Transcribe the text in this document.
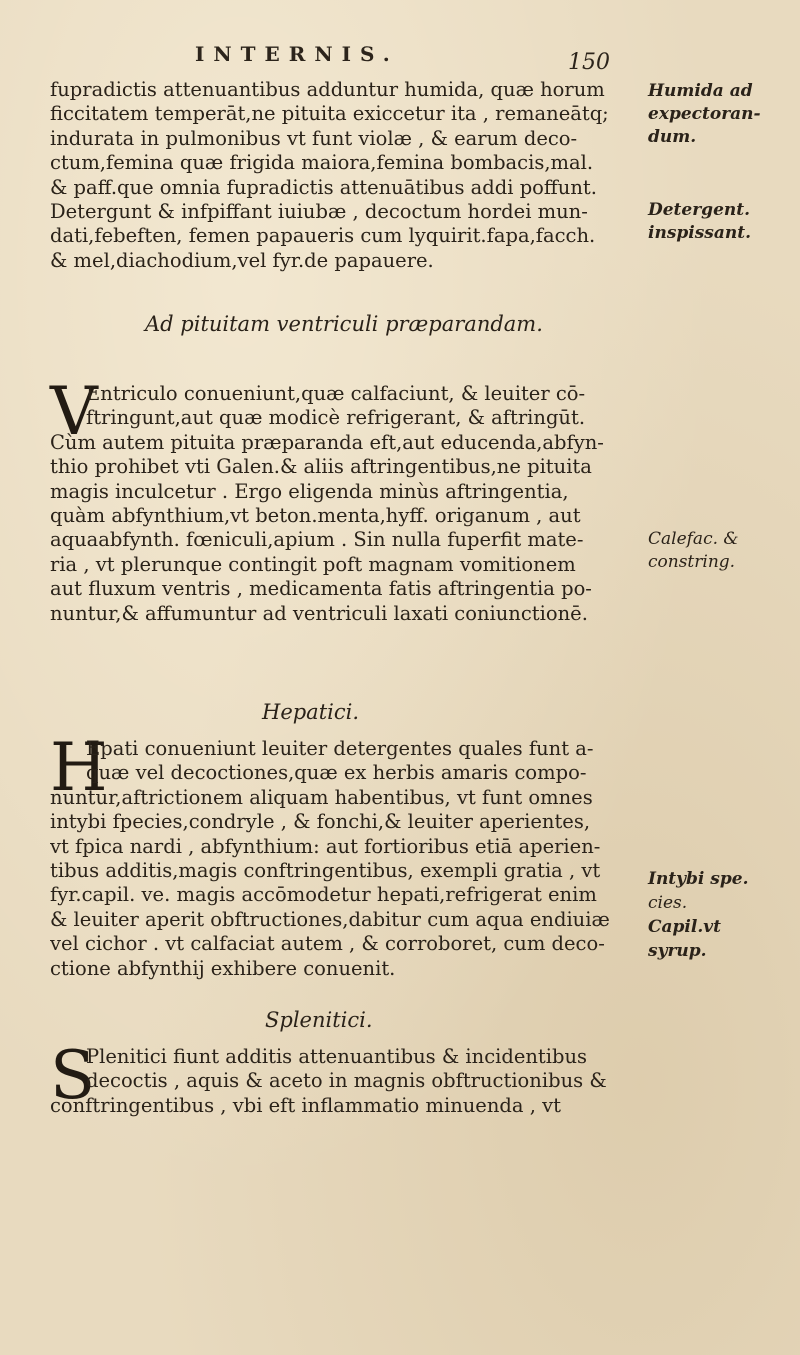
INTERNIS.	150
fupradictis attenuantibus adduntur humida, quæ horum
ficcitatem temperāt,ne pituita exiccetur ita , remaneātq;
indurata in pulmonibus vt funt violæ , & earum deco-
ctum,femina quæ frigida maiora,femina bombacis,mal.
& paff.que omnia fupradictis attenuātibus addi poffunt.
Detergunt & infpiffant iuiubæ , decoctum hordei mun-
dati,febeften, femen papaueris cum lyquirit.fapa,facch.
& mel,diachodium,vel fyr.de papauere.
Ad pituitam ventriculi præparandam.
V
Entriculo conueniunt,quæ calfaciunt, & leuiter cō-
ftringunt,aut quæ modicè refrigerant, & aftringūt.
Cùm autem pituita præparanda eft,aut educenda,abfyn-
thio prohibet vti Galen.& aliis aftringentibus,ne pituita
magis inculcetur . Ergo eligenda minùs aftringentia,
quàm abfynthium,vt beton.menta,hyff. origanum , aut
aquaabfynth. fœniculi,apium . Sin nulla fuperfit mate-
ria , vt plerunque contingit poft magnam vomitionem
aut fluxum ventris , medicamenta fatis aftringentia po-
nuntur,& affumuntur ad ventriculi laxati coniunctionē.
Hepatici.
H
Epati conueniunt leuiter detergentes quales funt a-
quæ vel decoctiones,quæ ex herbis amaris compo-
nuntur,aftrictionem aliquam habentibus, vt funt omnes
intybi fpecies,condryle , & fonchi,& leuiter aperientes,
vt fpica nardi , abfynthium: aut fortioribus etiā aperien-
tibus additis,magis conftringentibus, exempli gratia , vt
fyr.capil. ve. magis accōmodetur hepati,refrigerat enim
& leuiter aperit obftructiones,dabitur cum aqua endiuiæ
vel cichor . vt calfaciat autem , & corroboret, cum deco-
ctione abfynthij exhibere conuenit.
Splenitici.
S
Plenitici fiunt additis attenuantibus & incidentibus
decoctis , aquis & aceto in magnis obftructionibus &
conftringentibus , vbi eft inflammatio minuenda , vt
Humida ad
expectoran-
dum.
Detergent.
inspissant.
Calefac. &
constring.
Intybi spe.
cies.
Capil.vt
syrup.
